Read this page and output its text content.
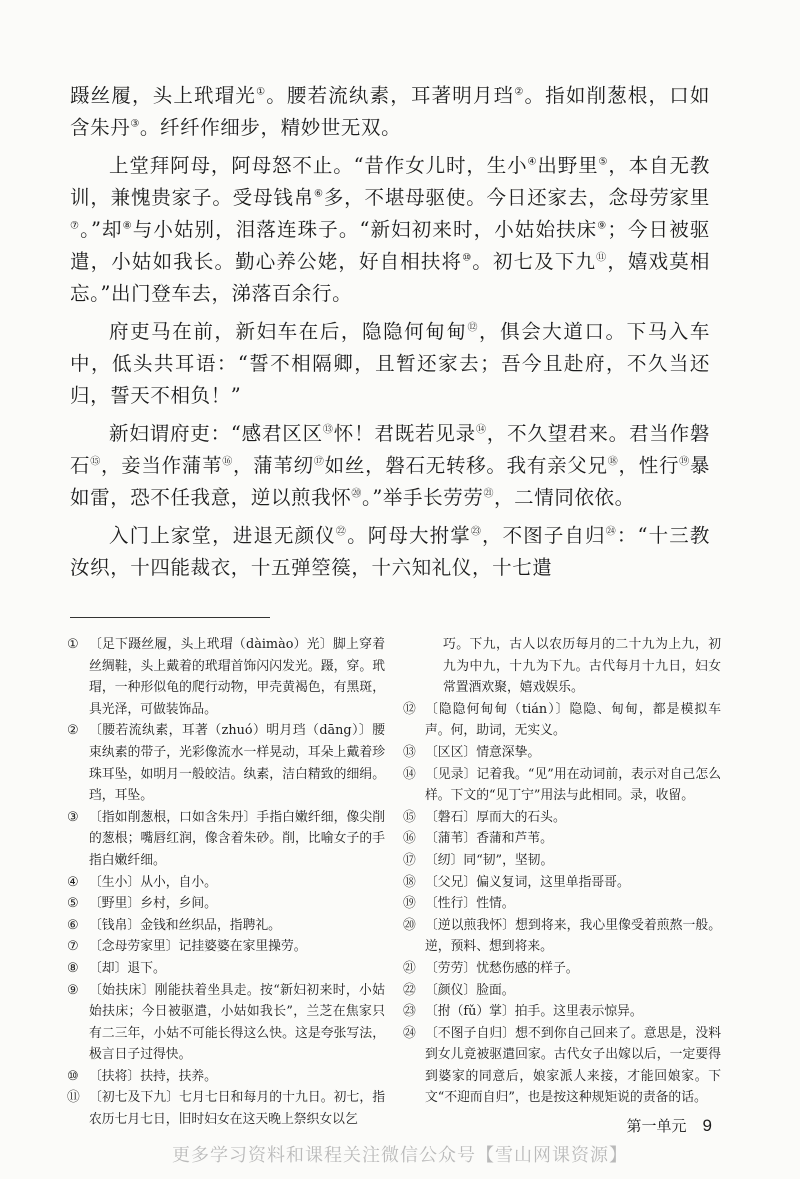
蹑丝履，头上玳瑁光①。腰若流纨素，耳著明月珰②。指如削葱根，口如含朱丹③。纤纤作细步，精妙世无双。

上堂拜阿母，阿母怒不止。“昔作女儿时，生小④出野里⑤，本自无教训，兼愧贵家子。受母钱帛⑥多，不堪母驱使。今日还家去，念母劳家里⑦。”却⑧与小姑别，泪落连珠子。“新妇初来时，小姑始扶床⑨；今日被驱遣，小姑如我长。勤心养公姥，好自相扶将⑩。初七及下九⑪，嬉戏莫相忘。”出门登车去，涕落百余行。

府吏马在前，新妇车在后，隐隐何甸甸⑫，俱会大道口。下马入车中，低头共耳语：“誓不相隔卿，且暂还家去；吾今且赴府，不久当还归，誓天不相负！”

新妇谓府吏：“感君区区⑬怀！君既若见录⑭，不久望君来。君当作磐石⑮，妾当作蒲苇⑯，蒲苇纫⑰如丝，磐石无转移。我有亲父兄⑱，性行⑲暴如雷，恐不任我意，逆以煎我怀⑳。”举手长劳劳$^㉑$，二情同依依。

入门上家堂，进退无颜仪$^㉒$。阿母大拊掌$^㉓$，不图子自归$^㉔$：“十三教汝织，十四能裁衣，十五弹箜篌，十六知礼仪，十七遣

① 〔足下蹑丝履，头上玳瑁（dàimào）光〕脚上穿着丝绸鞋，头上戴着的玳瑁首饰闪闪发光。蹑，穿。玳瑁，一种形似龟的爬行动物，甲壳黄褐色，有黑斑，具光泽，可做装饰品。

② 〔腰若流纨素，耳著（zhuó）明月珰（dāng）〕腰束纨素的带子，光彩像流水一样晃动，耳朵上戴着珍珠耳坠，如明月一般皎洁。纨素，洁白精致的细绢。珰，耳坠。

③ 〔指如削葱根，口如含朱丹〕手指白嫩纤细，像尖削的葱根；嘴唇红润，像含着朱砂。削，比喻女子的手指白嫩纤细。

④ 〔生小〕从小，自小。

⑤ 〔野里〕乡村，乡间。

⑥ 〔钱帛〕金钱和丝织品，指聘礼。

⑦ 〔念母劳家里〕记挂婆婆在家里操劳。

⑧ 〔却〕退下。

⑨ 〔始扶床〕刚能扶着坐具走。按“新妇初来时，小姑始扶床；今日被驱遣，小姑如我长”，兰芝在焦家只有二三年，小姑不可能长得这么快。这是夸张写法，极言日子过得快。

⑩ 〔扶将〕扶持，扶养。

⑪ 〔初七及下九〕七月七日和每月的十九日。初七，指农历七月七日，旧时妇女在这天晚上祭织女以乞

巧。下九，古人以农历每月的二十九为上九，初九为中九，十九为下九。古代每月十九日，妇女常置酒欢聚，嬉戏娱乐。

⑫ 〔隐隐何甸甸（tián）〕隐隐、甸甸，都是模拟车声。何，助词，无实义。

⑬ 〔区区〕情意深挚。

⑭ 〔见录〕记着我。“见”用在动词前，表示对自己怎么样。下文的“见丁宁”用法与此相同。录，收留。

⑮ 〔磐石〕厚而大的石头。

⑯ 〔蒲苇〕香蒲和芦苇。

⑰ 〔纫〕同“韧”，坚韧。

⑱ 〔父兄〕偏义复词，这里单指哥哥。

⑲ 〔性行〕性情。

⑳ 〔逆以煎我怀〕想到将来，我心里像受着煎熬一般。逆，预料、想到将来。

㉑ 〔劳劳〕忧愁伤感的样子。

㉒ 〔颜仪〕脸面。

㉓ 〔拊（fǔ）掌〕拍手。这里表示惊异。

㉔ 〔不图子自归〕想不到你自己回来了。意思是，没料到女儿竟被驱遣回家。古代女子出嫁以后，一定要得到婆家的同意后，娘家派人来接，才能回娘家。下文“不迎而自归”，也是按这种规矩说的责备的话。

第一单元 9
更多学习资料和课程关注微信公众号【雪山网课资源】
